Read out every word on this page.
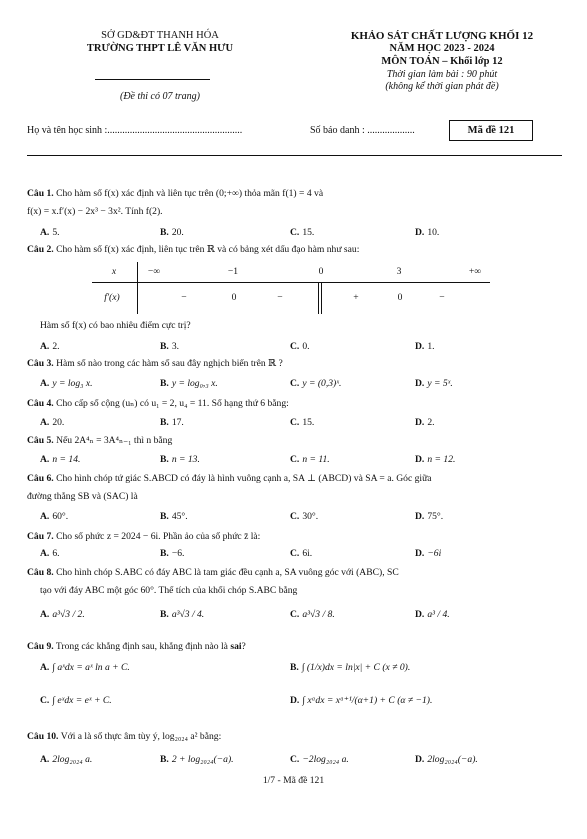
SỞ GD&ĐT THANH HÓA
TRƯỜNG THPT LÊ VĂN HƯU
(Đề thi có 07 trang)
KHẢO SÁT CHẤT LƯỢNG KHỐI 12
NĂM HỌC 2023 - 2024
MÔN TOÁN – Khối lớp 12
Thời gian làm bài : 90 phút
(không kể thời gian phát đề)
Họ và tên học sinh :......................................................	Số báo danh : ...................	Mã đề 121
Câu 1. Cho hàm số f(x) xác định và liên tục trên (0;+∞) thỏa mãn f(1) = 4 và
f(x) = x.f′(x) − 2x³ − 3x². Tính f(2).
A. 5.	B. 20.	C. 15.	D. 10.
Câu 2. Cho hàm số f(x) xác định, liên tục trên ℝ và có bảng xét dấu đạo hàm như sau:
x	−∞	−1	0	3	+∞
f′(x)	−	0	−	+	0	−
Hàm số f(x) có bao nhiêu điểm cực trị?
A. 2.	B. 3.	C. 0.	D. 1.
Câu 3. Hàm số nào trong các hàm số sau đây nghịch biến trên ℝ ?
A. y = log₃ x.	B. y = log₀,₃ x.	C. y = (0,3)ˣ.	D. y = 5ˣ.
Câu 4. Cho cấp số cộng (uₙ) có u₁ = 2, u₄ = 11. Số hạng thứ 6 bằng:
A. 20.	B. 17.	C. 15.	D. 2.
Câu 5. Nếu 2A⁴ₙ = 3A⁴ₙ₋₁ thì n bằng
A. n = 14.	B. n = 13.	C. n = 11.	D. n = 12.
Câu 6. Cho hình chóp tứ giác S.ABCD có đáy là hình vuông cạnh a, SA ⊥ (ABCD) và SA = a. Góc giữa
đường thẳng SB và (SAC) là
A. 60°.	B. 45°.	C. 30°.	D. 75°.
Câu 7. Cho số phức z = 2024 − 6i. Phần ảo của số phức z̄ là:
A. 6.	B. −6.	C. 6i.	D. −6i
Câu 8. Cho hình chóp S.ABC có đáy ABC là tam giác đều cạnh a, SA vuông góc với (ABC), SC
tạo với đáy ABC một góc 60°. Thể tích của khối chóp S.ABC bằng
A. a³√3 / 2.	B. a³√3 / 4.	C. a³√3 / 8.	D. a³ / 4.
Câu 9. Trong các khẳng định sau, khẳng định nào là sai?
A. ∫ aˣdx = aˣ ln a + C.	B. ∫ (1/x)dx = ln|x| + C (x ≠ 0).
C. ∫ eˣdx = eˣ + C.	D. ∫ xᵅdx = xᵅ⁺¹/(α+1) + C (α ≠ −1).
Câu 10. Với a là số thực âm tùy ý, log₂₀₂₄ a² bằng:
A. 2log₂₀₂₄ a.	B. 2 + log₂₀₂₄(−a).	C. −2log₂₀₂₄ a.	D. 2log₂₀₂₄(−a).
1/7 - Mã đề 121
